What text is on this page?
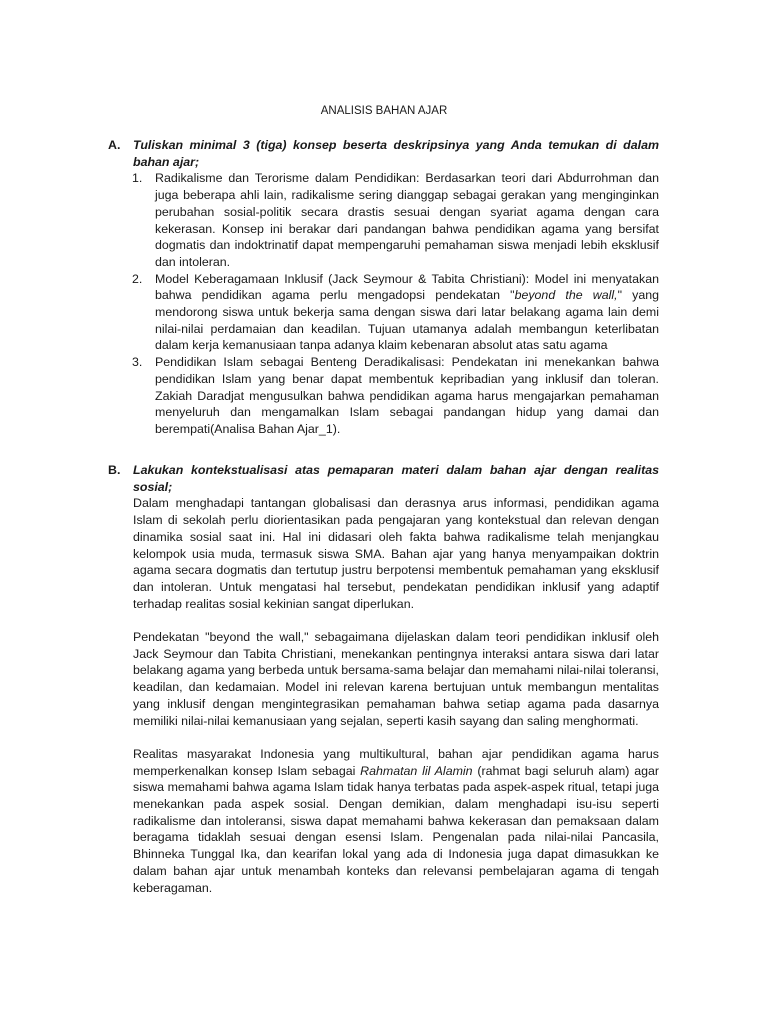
ANALISIS BAHAN AJAR
A. Tuliskan minimal 3 (tiga) konsep beserta deskripsinya yang Anda temukan di dalam bahan ajar;
1. Radikalisme dan Terorisme dalam Pendidikan: Berdasarkan teori dari Abdurrohman dan juga beberapa ahli lain, radikalisme sering dianggap sebagai gerakan yang menginginkan perubahan sosial-politik secara drastis sesuai dengan syariat agama dengan cara kekerasan. Konsep ini berakar dari pandangan bahwa pendidikan agama yang bersifat dogmatis dan indoktrinatif dapat mempengaruhi pemahaman siswa menjadi lebih eksklusif dan intoleran.
2. Model Keberagamaan Inklusif (Jack Seymour & Tabita Christiani): Model ini menyatakan bahwa pendidikan agama perlu mengadopsi pendekatan "beyond the wall," yang mendorong siswa untuk bekerja sama dengan siswa dari latar belakang agama lain demi nilai-nilai perdamaian dan keadilan. Tujuan utamanya adalah membangun keterlibatan dalam kerja kemanusiaan tanpa adanya klaim kebenaran absolut atas satu agama
3. Pendidikan Islam sebagai Benteng Deradikalisasi: Pendekatan ini menekankan bahwa pendidikan Islam yang benar dapat membentuk kepribadian yang inklusif dan toleran. Zakiah Daradjat mengusulkan bahwa pendidikan agama harus mengajarkan pemahaman menyeluruh dan mengamalkan Islam sebagai pandangan hidup yang damai dan berempati(Analisa Bahan Ajar_1).
B. Lakukan kontekstualisasi atas pemaparan materi dalam bahan ajar dengan realitas sosial;

Dalam menghadapi tantangan globalisasi dan derasnya arus informasi, pendidikan agama Islam di sekolah perlu diorientasikan pada pengajaran yang kontekstual dan relevan dengan dinamika sosial saat ini. Hal ini didasari oleh fakta bahwa radikalisme telah menjangkau kelompok usia muda, termasuk siswa SMA. Bahan ajar yang hanya menyampaikan doktrin agama secara dogmatis dan tertutup justru berpotensi membentuk pemahaman yang eksklusif dan intoleran. Untuk mengatasi hal tersebut, pendekatan pendidikan inklusif yang adaptif terhadap realitas sosial kekinian sangat diperlukan.

Pendekatan "beyond the wall," sebagaimana dijelaskan dalam teori pendidikan inklusif oleh Jack Seymour dan Tabita Christiani, menekankan pentingnya interaksi antara siswa dari latar belakang agama yang berbeda untuk bersama-sama belajar dan memahami nilai-nilai toleransi, keadilan, dan kedamaian. Model ini relevan karena bertujuan untuk membangun mentalitas yang inklusif dengan mengintegrasikan pemahaman bahwa setiap agama pada dasarnya memiliki nilai-nilai kemanusiaan yang sejalan, seperti kasih sayang dan saling menghormati.

Realitas masyarakat Indonesia yang multikultural, bahan ajar pendidikan agama harus memperkenalkan konsep Islam sebagai Rahmatan lil Alamin (rahmat bagi seluruh alam) agar siswa memahami bahwa agama Islam tidak hanya terbatas pada aspek-aspek ritual, tetapi juga menekankan pada aspek sosial. Dengan demikian, dalam menghadapi isu-isu seperti radikalisme dan intoleransi, siswa dapat memahami bahwa kekerasan dan pemaksaan dalam beragama tidaklah sesuai dengan esensi Islam. Pengenalan pada nilai-nilai Pancasila, Bhinneka Tunggal Ika, dan kearifan lokal yang ada di Indonesia juga dapat dimasukkan ke dalam bahan ajar untuk menambah konteks dan relevansi pembelajaran agama di tengah keberagaman.
